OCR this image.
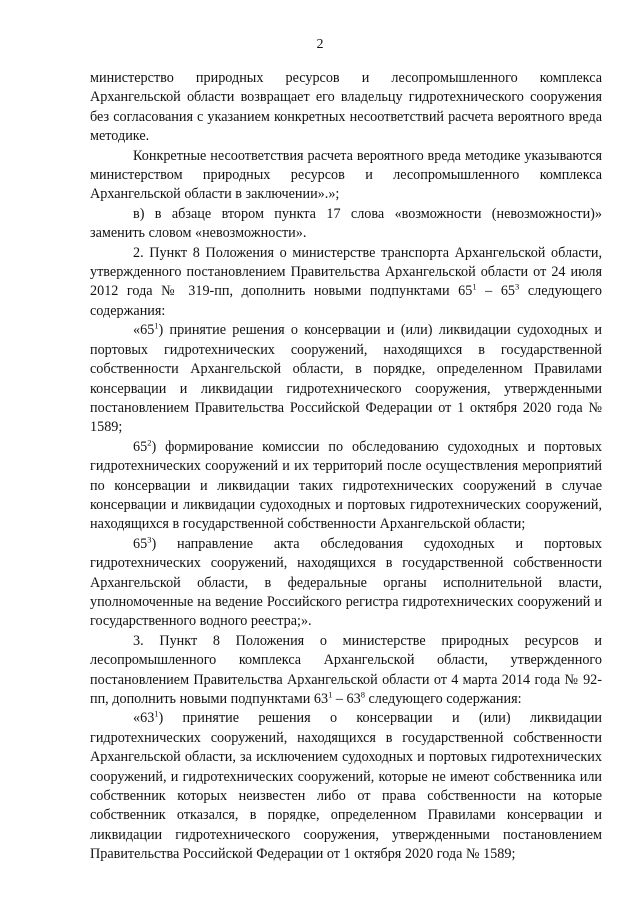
2

министерство природных ресурсов и лесопромышленного комплекса Архангельской области возвращает его владельцу гидротехнического сооружения без согласования с указанием конкретных несоответствий расчета вероятного вреда методике.

Конкретные несоответствия расчета вероятного вреда методике указываются министерством природных ресурсов и лесопромышленного комплекса Архангельской области в заключении».»;

в) в абзаце втором пункта 17 слова «возможности (невозможности)» заменить словом «невозможности».

2. Пункт 8 Положения о министерстве транспорта Архангельской области, утвержденного постановлением Правительства Архангельской области от 24 июля 2012 года № 319-пп, дополнить новыми подпунктами $65^1 - 65^3$ следующего содержания:

«$65^1$) принятие решения о консервации и (или) ликвидации судоходных и портовых гидротехнических сооружений, находящихся в государственной собственности Архангельской области, в порядке, определенном Правилами консервации и ликвидации гидротехнического сооружения, утвержденными постановлением Правительства Российской Федерации от 1 октября 2020 года № 1589;

$65^2$) формирование комиссии по обследованию судоходных и портовых гидротехнических сооружений и их территорий после осуществления мероприятий по консервации и ликвидации таких гидротехнических сооружений в случае консервации и ликвидации судоходных и портовых гидротехнических сооружений, находящихся в государственной собственности Архангельской области;

$65^3$) направление акта обследования судоходных и портовых гидротехнических сооружений, находящихся в государственной собственности Архангельской области, в федеральные органы исполнительной власти, уполномоченные на ведение Российского регистра гидротехнических сооружений и государственного водного реестра;».

3. Пункт 8 Положения о министерстве природных ресурсов и лесопромышленного комплекса Архангельской области, утвержденного постановлением Правительства Архангельской области от 4 марта 2014 года № 92-пп, дополнить новыми подпунктами $63^1 - 63^8$ следующего содержания:

«$63^1$) принятие решения о консервации и (или) ликвидации гидротехнических сооружений, находящихся в государственной собственности Архангельской области, за исключением судоходных и портовых гидротехнических сооружений, и гидротехнических сооружений, которые не имеют собственника или собственник которых неизвестен либо от права собственности на которые собственник отказался, в порядке, определенном Правилами консервации и ликвидации гидротехнического сооружения, утвержденными постановлением Правительства Российской Федерации от 1 октября 2020 года № 1589;
